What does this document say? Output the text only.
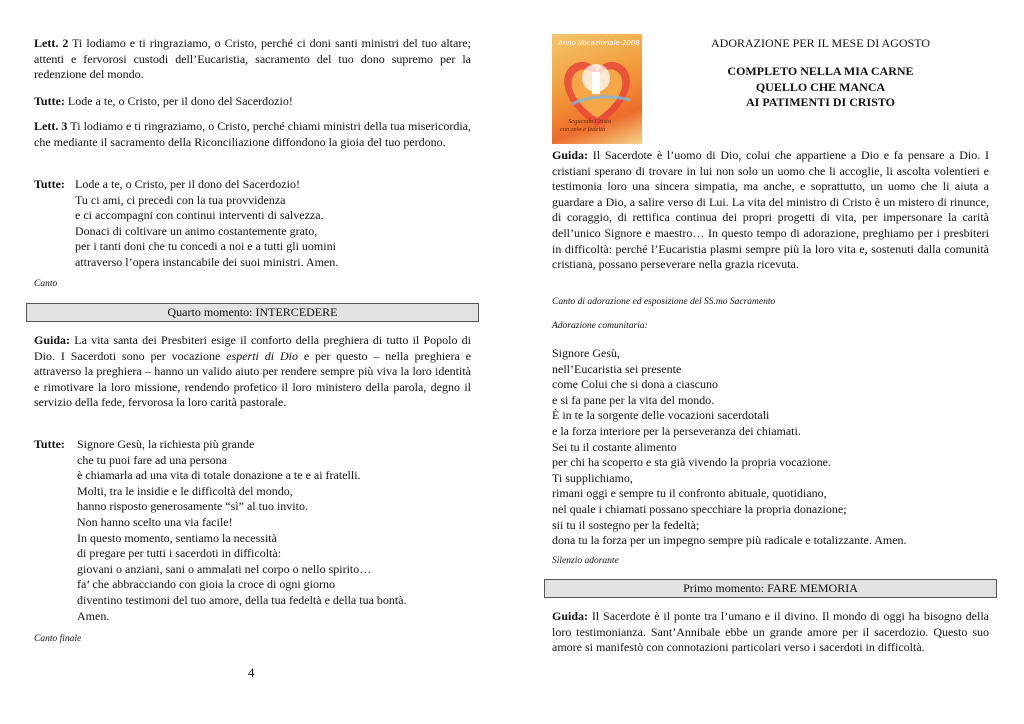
Lett. 2 Ti lodiamo e ti ringraziamo, o Cristo, perché ci doni santi ministri del tuo altare; attenti e fervorosi custodi dell’Eucaristia, sacramento del tuo dono supremo per la redenzione del mondo.

Tutte: Lode a te, o Cristo, per il dono del Sacerdozio!

Lett. 3 Ti lodiamo e ti ringraziamo, o Cristo, perché chiami ministri della tua misericordia, che mediante il sacramento della Riconciliazione diffondono la gioia del tuo perdono.

Tutte: Lode a te, o Cristo, per il dono del Sacerdozio!
Tu ci ami, ci precedi con la tua provvidenza
e ci accompagni con continui interventi di salvezza.
Donaci di coltivare un animo costantemente grato,
per i tanti doni che tu concedi a noi e a tutti gli uomini
attraverso l’opera instancabile dei suoi ministri. Amen.

Canto

Quarto momento: INTERCEDERE

Guida: La vita santa dei Presbiteri esige il conforto della preghiera di tutto il Popolo di Dio. I Sacerdoti sono per vocazione esperti di Dio e per questo – nella preghiera e attraverso la preghiera – hanno un valido aiuto per rendere sempre più viva la loro identità e rimotivare la loro missione, rendendo profetico il loro ministero della parola, degno il servizio della fede, fervorosa la loro carità pastorale.

Tutte: Signore Gesù, la richiesta più grande
che tu puoi fare ad una persona
è chiamarla ad una vita di totale donazione a te e ai fratelli.
Molti, tra le insidie e le difficoltà del mondo,
hanno risposto generosamente “sì” al tuo invito.
Non hanno scelto una via facile!
In questo momento, sentiamo la necessità
di pregare per tutti i sacerdoti in difficoltà:
giovani o anziani, sani o ammalati nel corpo o nello spirito…
fa’ che abbracciando con gioia la croce di ogni giorno
diventino testimoni del tuo amore, della tua fedeltà e della tua bontà.
Amen.

Canto finale

4
Anno Vocazionale 2008
Seguendo Cristo
con zelo e fedeltà
ADORAZIONE PER IL MESE DI AGOSTO
COMPLETO NELLA MIA CARNE
QUELLO CHE MANCA
AI PATIMENTI DI CRISTO

Guida: Il Sacerdote è l’uomo di Dio, colui che appartiene a Dio e fa pensare a Dio. I cristiani sperano di trovare in lui non solo un uomo che li accoglie, li ascolta volentieri e testimonia loro una sincera simpatia, ma anche, e soprattutto, un uomo che li aiuta a guardare a Dio, a salire verso di Lui. La vita del ministro di Cristo è un mistero di rinunce, di coraggio, di rettifica continua dei propri progetti di vita, per impersonare la carità dell’unico Signore e maestro… In questo tempo di adorazione, preghiamo per i presbiteri in difficoltà: perché l’Eucaristia plasmi sempre più la loro vita e, sostenuti dalla comunità cristiana, possano perseverare nella grazia ricevuta.

Canto di adorazione ed esposizione del SS.mo Sacramento

Adorazione comunitaria:

Signore Gesù,
nell’Eucaristia sei presente
come Colui che si dona a ciascuno
e si fa pane per la vita del mondo.
È in te la sorgente delle vocazioni sacerdotali
e la forza interiore per la perseveranza dei chiamati.
Sei tu il costante alimento
per chi ha scoperto e sta già vivendo la propria vocazione.
Ti supplichiamo,
rimani oggi e sempre tu il confronto abituale, quotidiano,
nel quale i chiamati possano specchiare la propria donazione;
sii tu il sostegno per la fedeltà;
dona tu la forza per un impegno sempre più radicale e totalizzante. Amen.

Silenzio adorante

Primo momento: FARE MEMORIA

Guida: Il Sacerdote è il ponte tra l’umano e il divino. Il mondo di oggi ha bisogno della loro testimonianza. Sant’Annibale ebbe un grande amore per il sacerdozio. Questo suo amore si manifestò con connotazioni particolari verso i sacerdoti in difficoltà.
